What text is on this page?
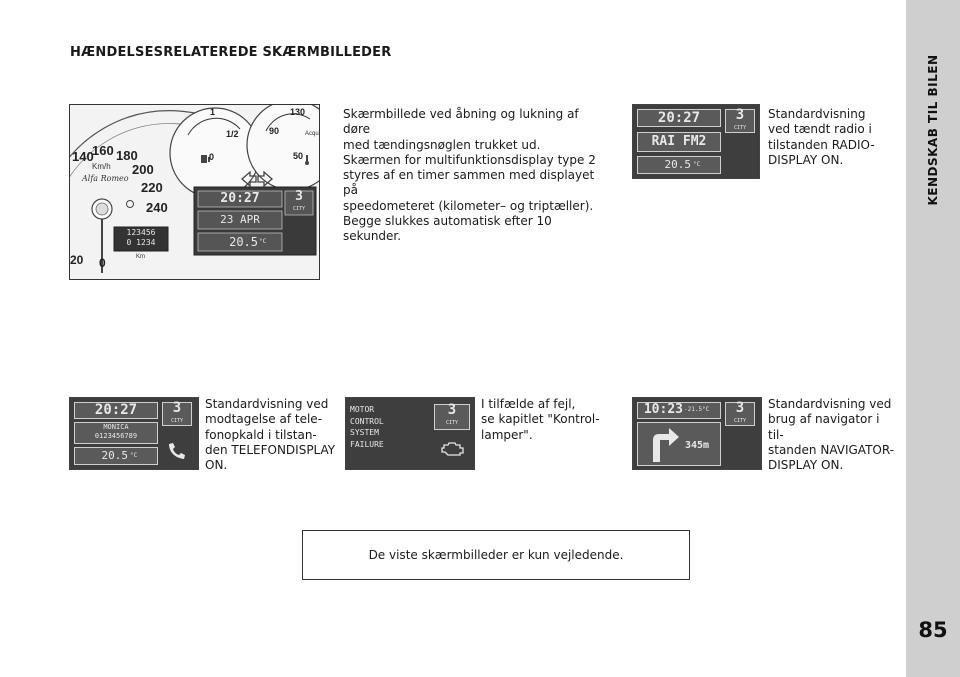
KENDSKAB TIL BILEN
85
HÆNDELSESRELATEREDE SKÆRMBILLEDER
20 0
140
160 180
200
220
240
Km/h
Alfa Romeo
1
1/2
0
130
90
50
Acqu
123456
0 1234
Km
20:27	3
CITY
23 APR
20.5 °C
Skærmbillede ved åbning og lukning af døre
med tændingsnøglen trukket ud.
Skærmen for multifunktionsdisplay type 2
styres af en timer sammen med displayet på
speedometeret (kilometer– og triptæller).
Begge slukkes automatisk efter 10 sekunder.
Standardvisning
ved tændt radio i
tilstanden RADIO-
DISPLAY ON.
Standardvisning ved
modtagelse af tele-
fonopkald i tilstan-
den TELEFONDISPLAY
ON.
I tilfælde af fejl,
se kapitlet "Kontrol-
lamper".
Standardvisning ved
brug af navigator i til-
standen NAVIGATOR-
DISPLAY ON.
20:27
RAI FM2
20.5 °C
3
CITY
20:27
MONICA
0123456789
20.5 °C
3
CITY
MOTOR
CONTROL
SYSTEM
FAILURE
3
CITY
10:23 -21.5°C	3
CITY
345m
De viste skærmbilleder er kun vejledende.
